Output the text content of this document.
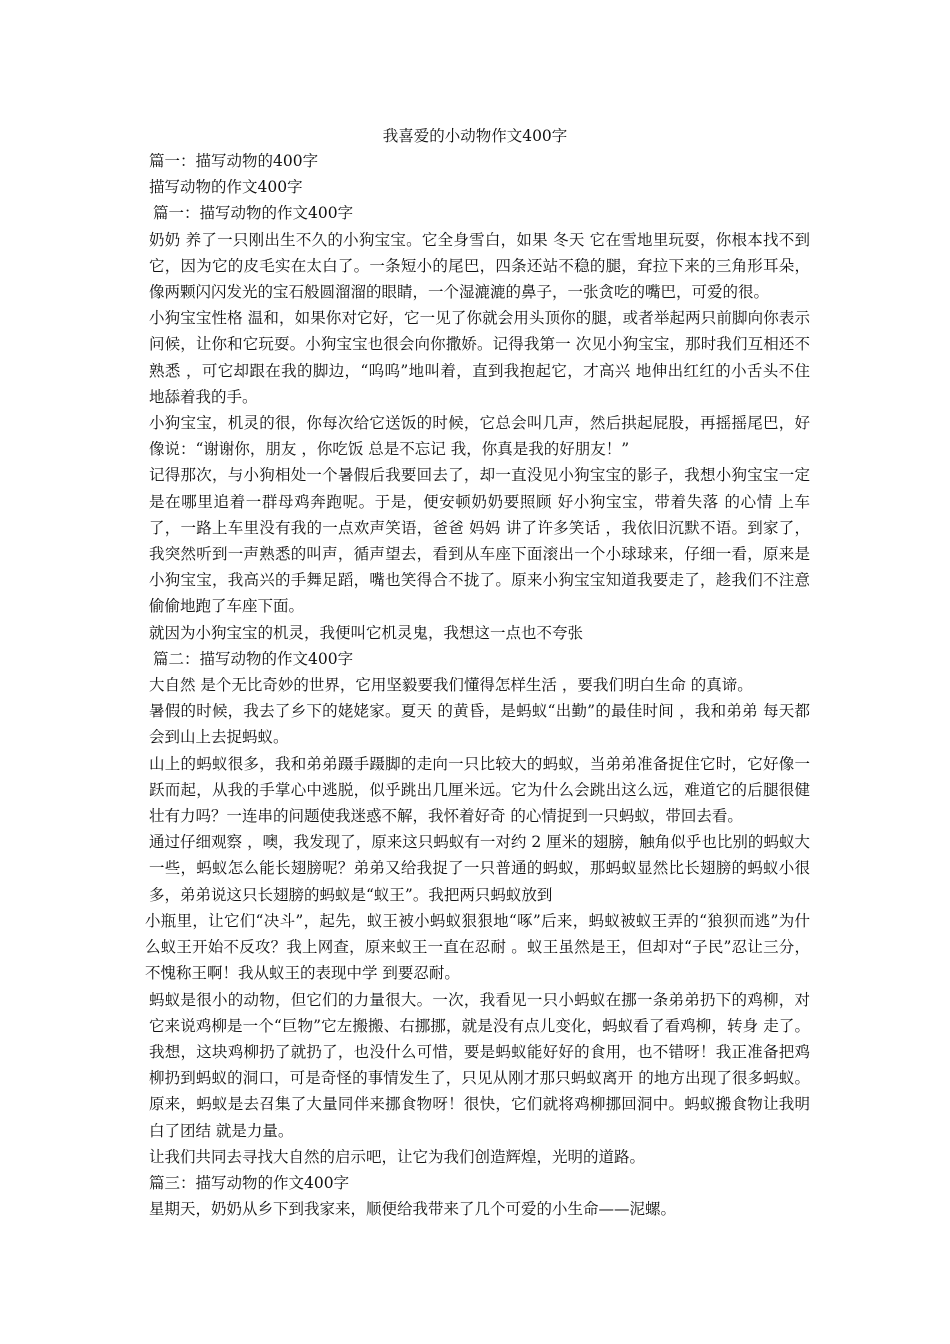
我喜爱的小动物作文400字

篇一：描写动物的400字

描写动物的作文400字

篇一：描写动物的作文400字

奶奶 养了一只刚出生不久的小狗宝宝。它全身雪白，如果 冬天 它在雪地里玩耍，你根本找不到它，因为它的皮毛实在太白了。一条短小的尾巴，四条还站不稳的腿，耷拉下来的三角形耳朵，像两颗闪闪发光的宝石般圆溜溜的眼睛，一个湿漉漉的鼻子，一张贪吃的嘴巴，可爱的很。

小狗宝宝性格 温和，如果你对它好，它一见了你就会用头顶你的腿，或者举起两只前脚向你表示问候，让你和它玩耍。小狗宝宝也很会向你撒娇。记得我第一 次见小狗宝宝，那时我们互相还不熟悉 ，可它却跟在我的脚边，“呜呜”地叫着，直到我抱起它，才高兴 地伸出红红的小舌头不住地舔着我的手。

小狗宝宝，机灵的很，你每次给它送饭的时候，它总会叫几声，然后拱起屁股，再摇摇尾巴，好像说：“谢谢你，朋友 ，你吃饭 总是不忘记 我，你真是我的好朋友！”

记得那次，与小狗相处一个暑假后我要回去了，却一直没见小狗宝宝的影子，我想小狗宝宝一定是在哪里追着一群母鸡奔跑呢。于是，便安顿奶奶要照顾 好小狗宝宝，带着失落 的心情 上车了，一路上车里没有我的一点欢声笑语，爸爸 妈妈 讲了许多笑话 ，我依旧沉默不语。到家了，我突然听到一声熟悉的叫声，循声望去，看到从车座下面滚出一个小球球来，仔细一看，原来是小狗宝宝，我高兴的手舞足蹈，嘴也笑得合不拢了。原来小狗宝宝知道我要走了，趁我们不注意偷偷地跑了车座下面。

就因为小狗宝宝的机灵，我便叫它机灵鬼，我想这一点也不夸张

篇二：描写动物的作文400字

大自然 是个无比奇妙的世界，它用坚毅要我们懂得怎样生活 ，要我们明白生命 的真谛。

暑假的时候，我去了乡下的姥姥家。夏天 的黄昏，是蚂蚁“出勤”的最佳时间 ，我和弟弟 每天都会到山上去捉蚂蚁。

山上的蚂蚁很多，我和弟弟蹑手蹑脚的走向一只比较大的蚂蚁，当弟弟准备捉住它时，它好像一跃而起，从我的手掌心中逃脱，似乎跳出几厘米远。它为什么会跳出这么远，难道它的后腿很健壮有力吗？一连串的问题使我迷惑不解，我怀着好奇 的心情捉到一只蚂蚁，带回去看。

通过仔细观察 ，噢，我发现了，原来这只蚂蚁有一对约 2 厘米的翅膀，触角似乎也比别的蚂蚁大一些，蚂蚁怎么能长翅膀呢？弟弟又给我捉了一只普通的蚂蚁，那蚂蚁显然比长翅膀的蚂蚁小很多，弟弟说这只长翅膀的蚂蚁是“蚁王”。我把两只蚂蚁放到

小瓶里，让它们“决斗”，起先，蚁王被小蚂蚁狠狠地“啄”后来，蚂蚁被蚁王弄的“狼狈而逃”为什么蚁王开始不反攻？我上网查，原来蚁王一直在忍耐 。蚁王虽然是王，但却对“子民”忍让三分，不愧称王啊！我从蚁王的表现中学 到要忍耐。

蚂蚁是很小的动物，但它们的力量很大。一次，我看见一只小蚂蚁在挪一条弟弟扔下的鸡柳，对它来说鸡柳是一个“巨物”它左搬搬、右挪挪，就是没有点儿变化，蚂蚁看了看鸡柳，转身 走了。我想，这块鸡柳扔了就扔了，也没什么可惜，要是蚂蚁能好好的食用，也不错呀！我正准备把鸡柳扔到蚂蚁的洞口，可是奇怪的事情发生了，只见从刚才那只蚂蚁离开 的地方出现了很多蚂蚁。原来，蚂蚁是去召集了大量同伴来挪食物呀！很快，它们就将鸡柳挪回洞中。蚂蚁搬食物让我明白了团结 就是力量。

让我们共同去寻找大自然的启示吧，让它为我们创造辉煌，光明的道路。

篇三：描写动物的作文400字

星期天，奶奶从乡下到我家来，顺便给我带来了几个可爱的小生命——泥螺。
